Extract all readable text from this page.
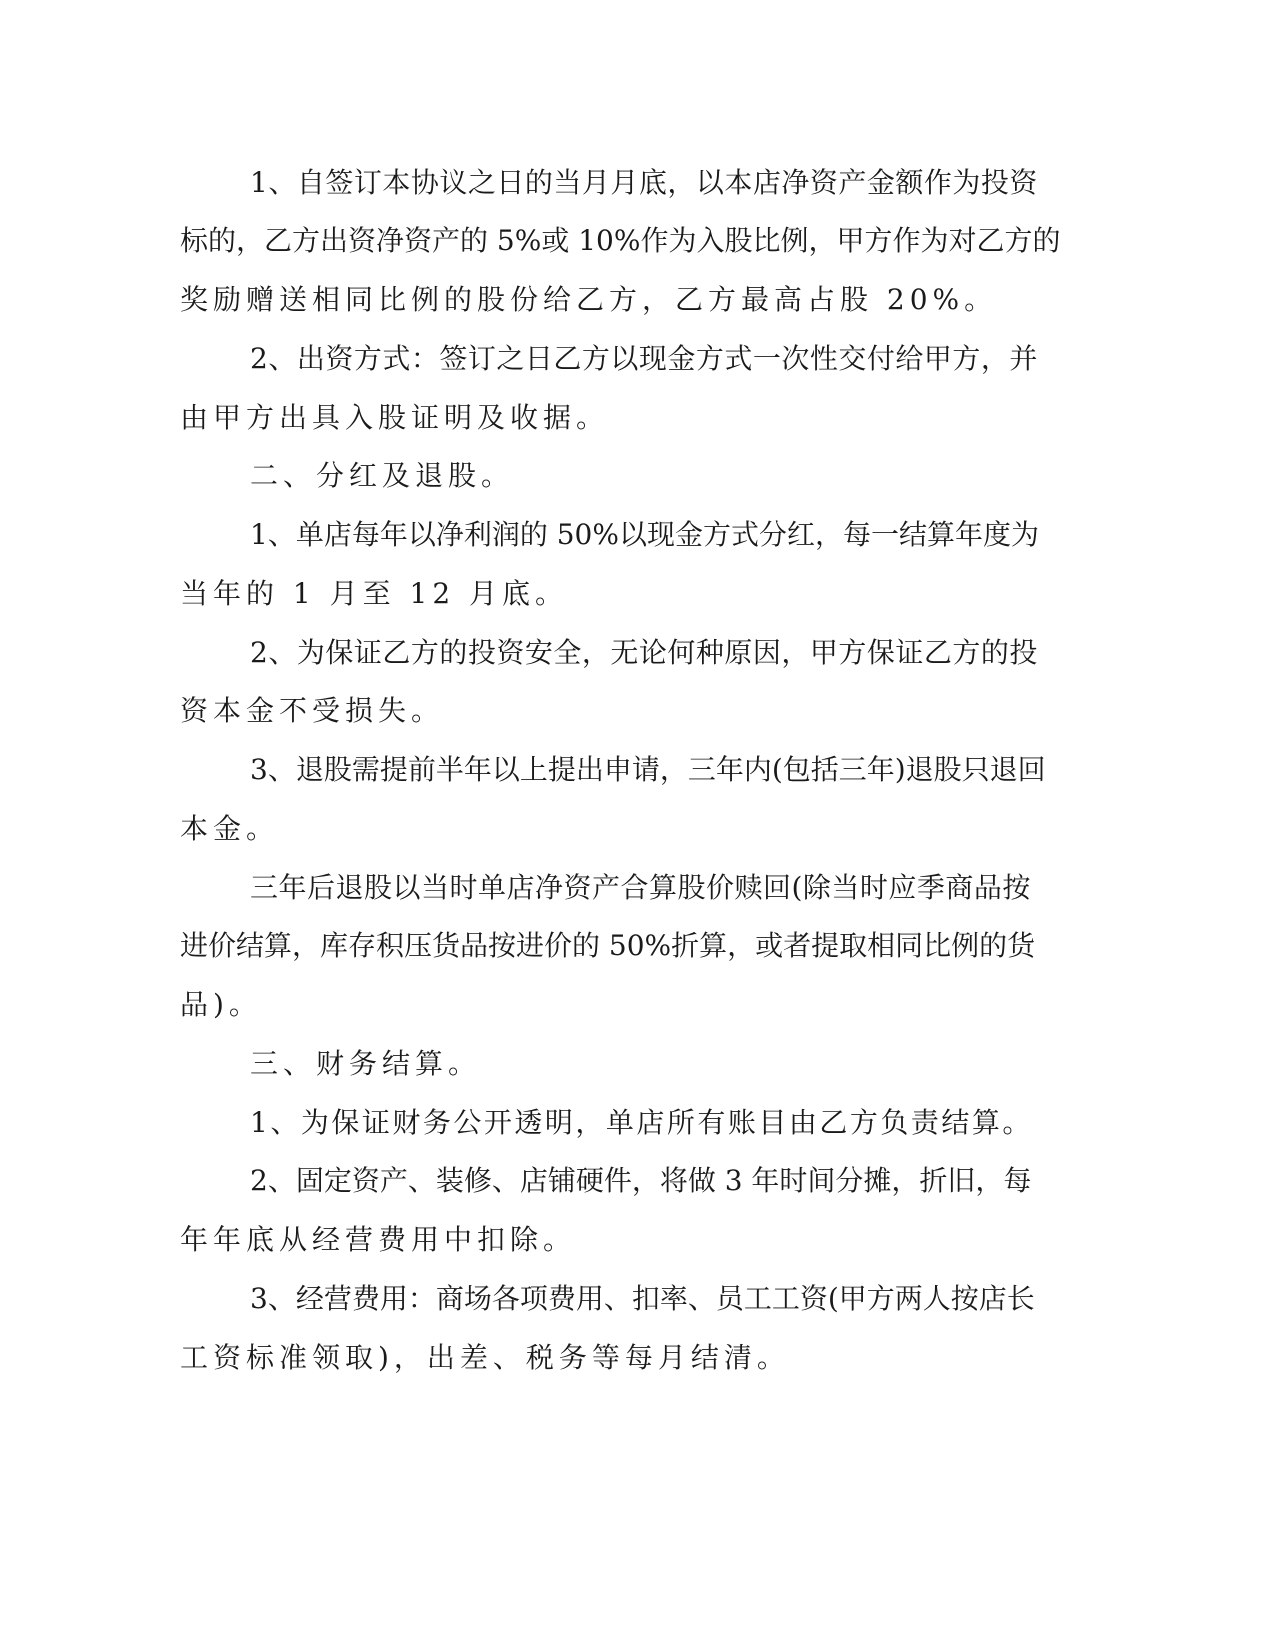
1、自签订本协议之日的当月月底，以本店净资产金额作为投资
标的，乙方出资净资产的 5%或 10%作为入股比例，甲方作为对乙方的
奖励赠送相同比例的股份给乙方，乙方最高占股 20%。
2、出资方式：签订之日乙方以现金方式一次性交付给甲方，并
由甲方出具入股证明及收据。
二、分红及退股。
1、单店每年以净利润的 50%以现金方式分红，每一结算年度为
当年的 1 月至 12 月底。
2、为保证乙方的投资安全，无论何种原因，甲方保证乙方的投
资本金不受损失。
3、退股需提前半年以上提出申请，三年内(包括三年)退股只退回
本金。
三年后退股以当时单店净资产合算股价赎回(除当时应季商品按
进价结算，库存积压货品按进价的 50%折算，或者提取相同比例的货
品)。
三、财务结算。
1、为保证财务公开透明，单店所有账目由乙方负责结算。
2、固定资产、装修、店铺硬件，将做 3 年时间分摊，折旧，每
年年底从经营费用中扣除。
3、经营费用：商场各项费用、扣率、员工工资(甲方两人按店长
工资标准领取)，出差、税务等每月结清。
